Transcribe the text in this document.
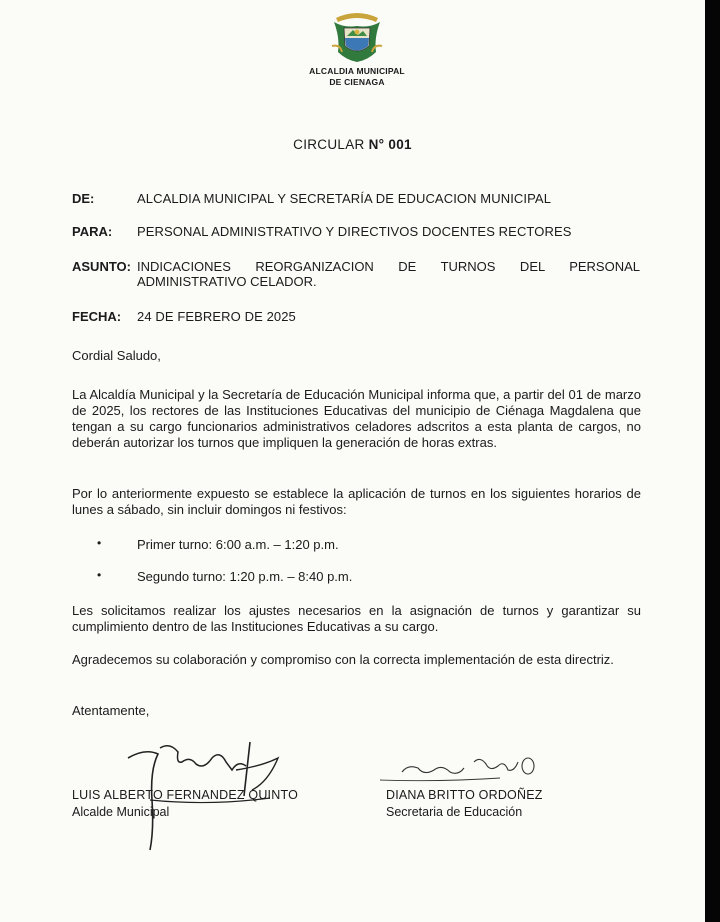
ALCALDIA MUNICIPAL
DE CIENAGA
CIRCULAR N° 001
DE:	ALCALDIA MUNICIPAL Y SECRETARÍA DE EDUCACION MUNICIPAL
PARA: PERSONAL ADMINISTRATIVO Y DIRECTIVOS DOCENTES RECTORES
ASUNTO: INDICACIONES REORGANIZACION DE TURNOS DEL PERSONAL
ADMINISTRATIVO CELADOR.
FECHA: 24 DE FEBRERO DE 2025
Cordial Saludo,
La Alcaldía Municipal y la Secretaría de Educación Municipal informa que, a partir del 01 de marzo de 2025, los rectores de las Instituciones Educativas del municipio de Ciénaga Magdalena que tengan a su cargo funcionarios administrativos celadores adscritos a esta planta de cargos, no deberán autorizar los turnos que impliquen la generación de horas extras.
Por lo anteriormente expuesto se establece la aplicación de turnos en los siguientes horarios de lunes a sábado, sin incluir domingos ni festivos:
•	Primer turno: 6:00 a.m. – 1:20 p.m.
•	Segundo turno: 1:20 p.m. – 8:40 p.m.
Les solicitamos realizar los ajustes necesarios en la asignación de turnos y garantizar su cumplimiento dentro de las Instituciones Educativas a su cargo.
Agradecemos su colaboración y compromiso con la correcta implementación de esta directriz.
Atentamente,
LUIS ALBERTO FERNANDEZ QUINTO
Alcalde Municipal
DIANA BRITTO ORDOÑEZ
Secretaria de Educación
